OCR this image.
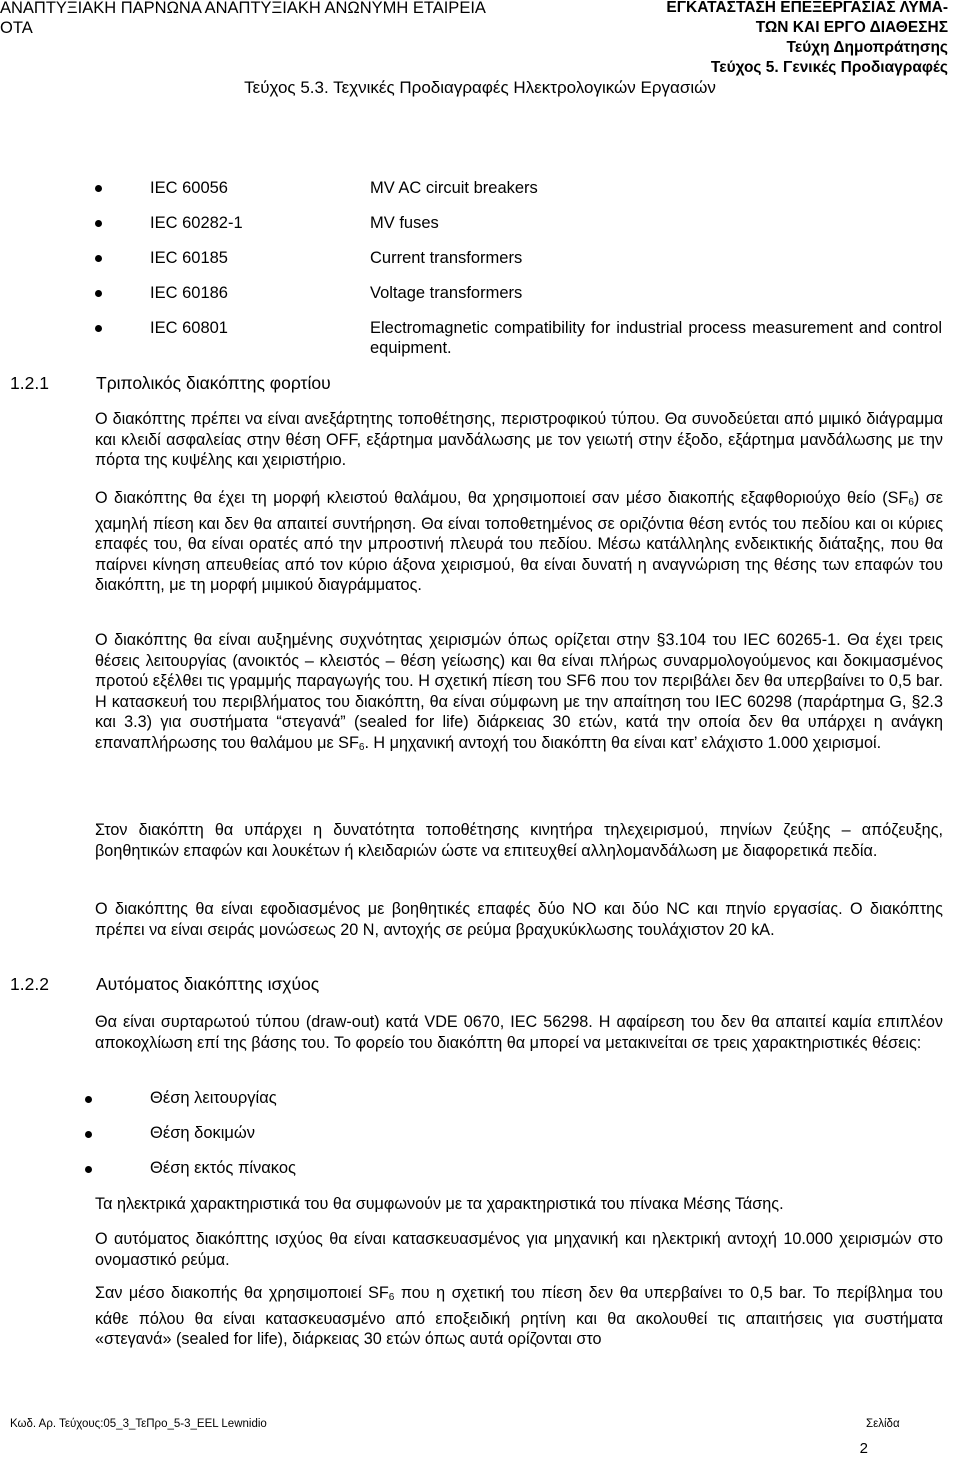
ΑΝΑΠΤΥΞΙΑΚΗ ΠΑΡΝΩΝΑ ΑΝΑΠΤΥΞΙΑΚΗ ΑΝΩΝΥΜΗ ΕΤΑΙΡΕΙΑ
ΟΤΑ
ΕΓΚΑΤΑΣΤΑΣΗ ΕΠΕΞΕΡΓΑΣΙΑΣ ΛΥΜΑ-
ΤΩΝ ΚΑΙ ΕΡΓΟ ΔΙΑΘΕΣΗΣ
Τεύχη Δημοπράτησης
Τεύχος 5. Γενικές Προδιαγραφές
Τεύχος 5.3. Τεχνικές Προδιαγραφές Ηλεκτρολογικών Εργασιών
IEC 60056	MV AC circuit breakers
IEC 60282-1	MV fuses
IEC 60185	Current transformers
IEC 60186	Voltage transformers
IEC 60801	Electromagnetic compatibility for industrial process measurement and control equipment.
1.2.1	Τριπολικός διακόπτης φορτίου
Ο διακόπτης πρέπει να είναι ανεξάρτητης τοποθέτησης, περιστροφικού τύπου. Θα συνοδεύεται από μιμικό διάγραμμα και κλειδί ασφαλείας στην θέση OFF, εξάρτημα μανδάλωσης με τον γειωτή στην έξοδο, εξάρτημα μανδάλωσης με την πόρτα της κυψέλης και χειριστήριο.
Ο διακόπτης θα έχει τη μορφή κλειστού θαλάμου, θα χρησιμοποιεί σαν μέσο διακοπής εξαφθοριούχο θείο $(SF_6)$ σε χαμηλή πίεση και δεν θα απαιτεί συντήρηση. Θα είναι τοποθετημένος σε οριζόντια θέση εντός του πεδίου και οι κύριες επαφές του, θα είναι ορατές από την μπροστινή πλευρά του πεδίου. Μέσω κατάλληλης ενδεικτικής διάταξης, που θα παίρνει κίνηση απευθείας από τον κύριο άξονα χειρισμού, θα είναι δυνατή η αναγνώριση της θέσης των επαφών του διακόπτη, με τη μορφή μιμικού διαγράμματος.
Ο διακόπτης θα είναι αυξημένης συχνότητας χειρισμών όπως ορίζεται στην §3.104 του IEC 60265-1. Θα έχει τρεις θέσεις λειτουργίας (ανοικτός – κλειστός – θέση γείωσης) και θα είναι πλήρως συναρμολογούμενος και δοκιμασμένος προτού εξέλθει τις γραμμής παραγωγής του. Η σχετική πίεση του SF6 που τον περιβάλει δεν θα υπερβαίνει το 0,5 bar. Η κατασκευή του περιβλήματος του διακόπτη, θα είναι σύμφωνη με την απαίτηση του IEC 60298 (παράρτημα G, §2.3 και 3.3) για συστήματα “στεγανά” (sealed for life) διάρκειας 30 ετών, κατά την οποία δεν θα υπάρχει η ανάγκη επαναπλήρωσης του θαλάμου με $SF_6$. Η μηχανική αντοχή του διακόπτη θα είναι κατ’ ελάχιστο 1.000 χειρισμοί.
Στον διακόπτη θα υπάρχει η δυνατότητα τοποθέτησης κινητήρα τηλεχειρισμού, πηνίων ζεύξης – απόζευξης, βοηθητικών επαφών και λουκέτων ή κλειδαριών ώστε να επιτευχθεί αλληλομανδάλωση με διαφορετικά πεδία.
Ο διακόπτης θα είναι εφοδιασμένος με βοηθητικές επαφές δύο NO και δύο NC και πηνίο εργασίας. Ο διακόπτης πρέπει να είναι σειράς μονώσεως 20 N, αντοχής σε ρεύμα βραχυκύκλωσης τουλάχιστον 20 kA.
1.2.2	Αυτόματος διακόπτης ισχύος
Θα είναι συρταρωτού τύπου (draw-out) κατά VDE 0670, IEC 56298. Η αφαίρεση του δεν θα απαιτεί καμία επιπλέον αποκοχλίωση επί της βάσης του. Το φορείο του διακόπτη θα μπορεί να μετακινείται σε τρεις χαρακτηριστικές θέσεις:
Θέση λειτουργίας
Θέση δοκιμών
Θέση εκτός πίνακος
Τα ηλεκτρικά χαρακτηριστικά του θα συμφωνούν με τα χαρακτηριστικά του πίνακα Μέσης Τάσης.
Ο αυτόματος διακόπτης ισχύος θα είναι κατασκευασμένος για μηχανική και ηλεκτρική αντοχή 10.000 χειρισμών στο ονομαστικό ρεύμα.
Σαν μέσο διακοπής θα χρησιμοποιεί $SF_6$ που η σχετική του πίεση δεν θα υπερβαίνει το 0,5 bar. Το περίβλημα του κάθε πόλου θα είναι κατασκευασμένο από εποξειδική ρητίνη και θα ακολουθεί τις απαιτήσεις για συστήματα «στεγανά» (sealed for life), διάρκειας 30 ετών όπως αυτά ορίζονται στο
Κωδ. Αρ. Τεύχους:05_3_ΤεΠρο_5-3_EEL Lewnidio	Σελίδα
2
